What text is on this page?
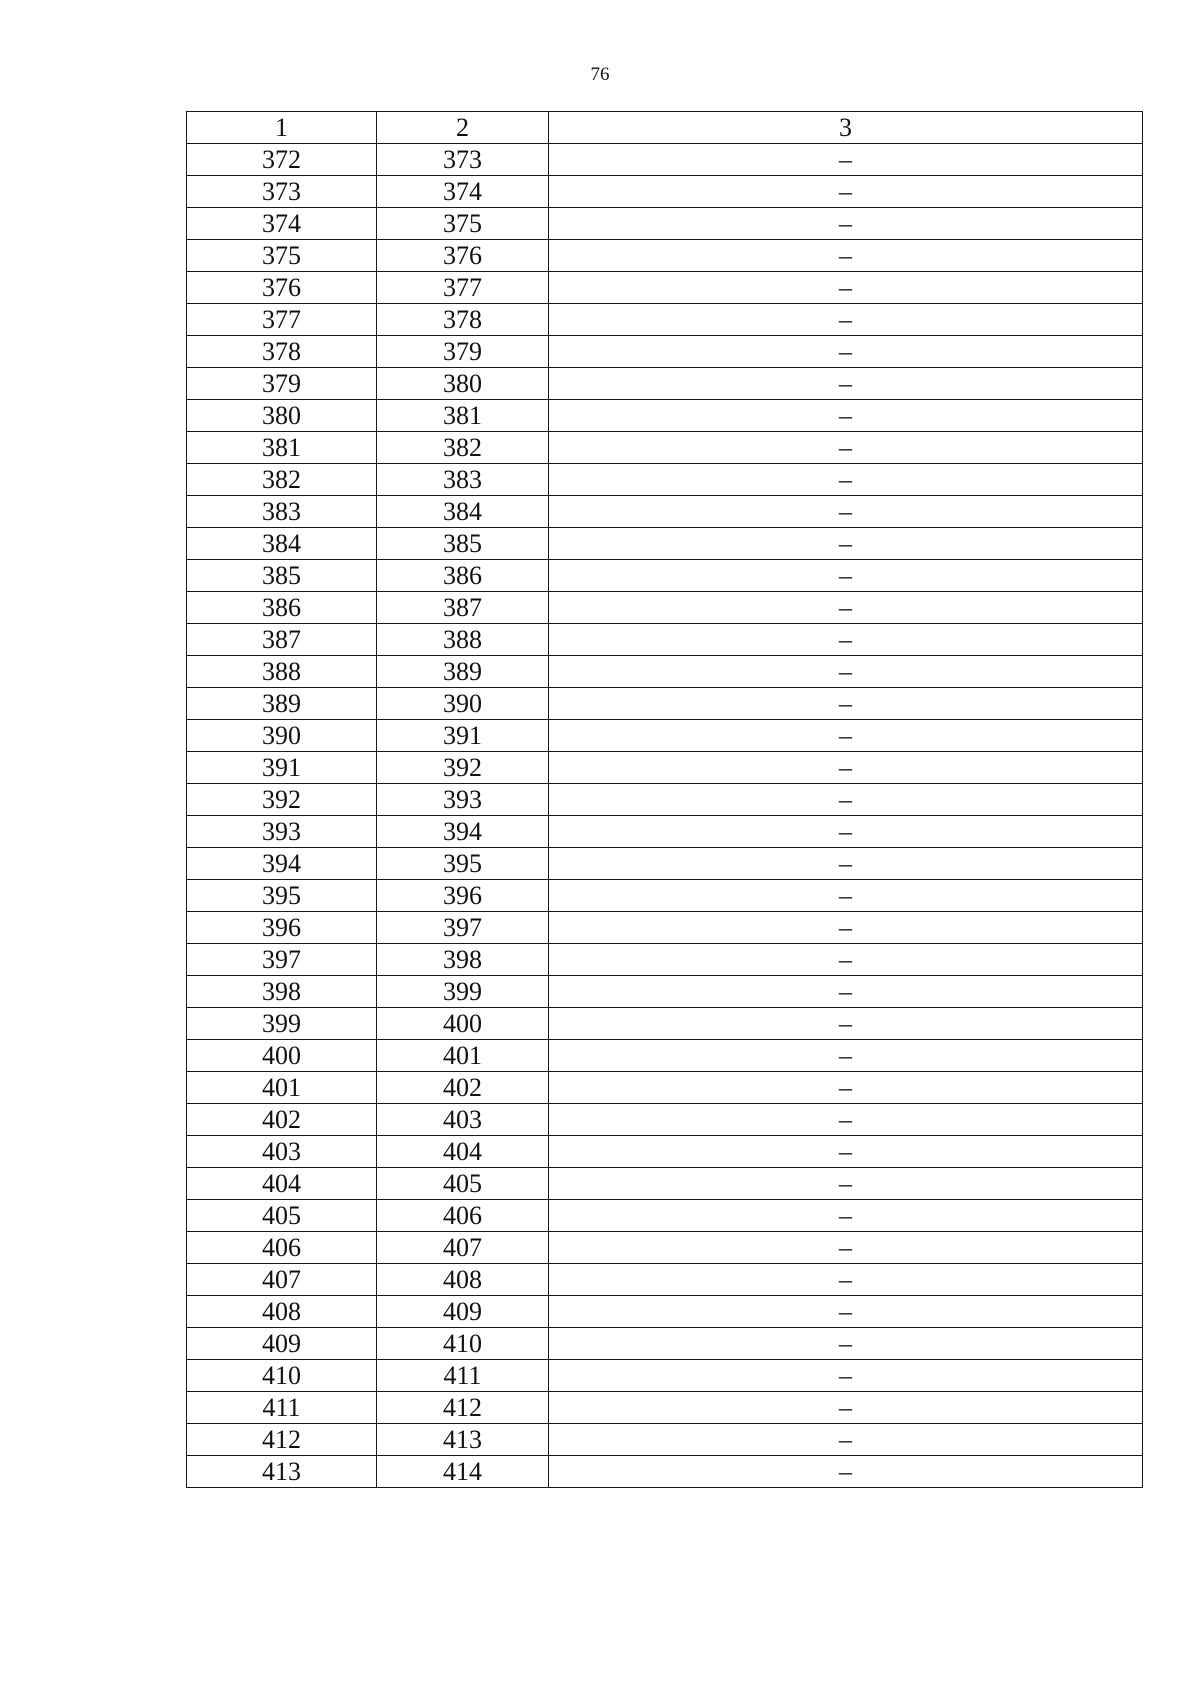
76
1	2	3
372	373	–
373	374	–
374	375	–
375	376	–
376	377	–
377	378	–
378	379	–
379	380	–
380	381	–
381	382	–
382	383	–
383	384	–
384	385	–
385	386	–
386	387	–
387	388	–
388	389	–
389	390	–
390	391	–
391	392	–
392	393	–
393	394	–
394	395	–
395	396	–
396	397	–
397	398	–
398	399	–
399	400	–
400	401	–
401	402	–
402	403	–
403	404	–
404	405	–
405	406	–
406	407	–
407	408	–
408	409	–
409	410	–
410	411	–
411	412	–
412	413	–
413	414	–
